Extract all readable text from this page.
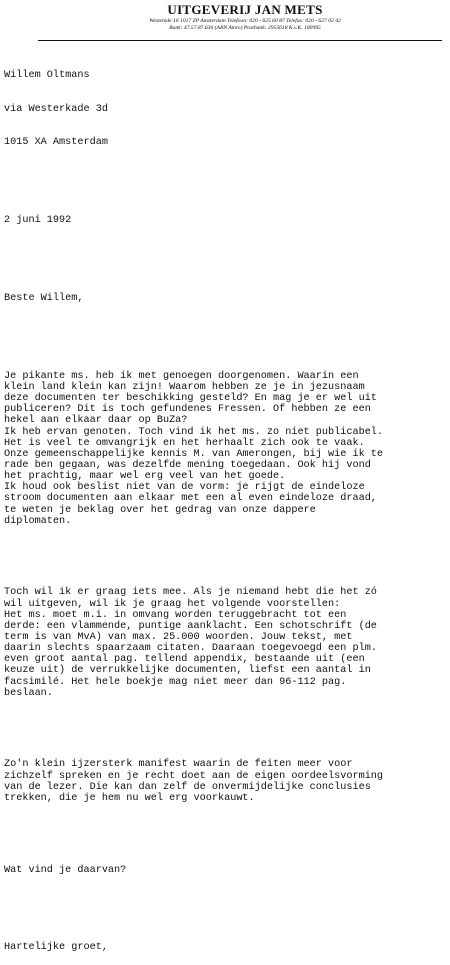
UITGEVERIJ JAN METS
Westeinde 16 1017 ZP Amsterdam Telefoon: 020 - 625 60 87 Telefax: 020 - 627 02 42
Bank: 47.57.87.636 (ABN Amro) Postbank: 2955618 K.v.K. 180995

Willem Oltmans

via Westerkade 3d

1015 XA Amsterdam

2 juni 1992

Beste Willem,

Je pikante ms. heb ik met genoegen doorgenomen. Waarin een
klein land klein kan zijn! Waarom hebben ze je in jezusnaam
deze documenten ter beschikking gesteld? En mag je er wel uit
publiceren? Dit is toch gefundenes Fressen. Of hebben ze een
hekel aan elkaar daar op BuZa?
Ik heb ervan genoten. Toch vind ik het ms. zo niet publicabel.
Het is veel te omvangrijk en het herhaalt zich ook te vaak.
Onze gemeenschappelijke kennis M. van Amerongen, bij wie ik te
rade ben gegaan, was dezelfde mening toegedaan. Ook hij vond
het prachtig, maar wel erg veel van het goede.
Ik houd ook beslist niet van de vorm: je rijgt de eindeloze
stroom documenten aan elkaar met een al even eindeloze draad,
te weten je beklag over het gedrag van onze dappere
diplomaten.

Toch wil ik er graag iets mee. Als je niemand hebt die het zó
wil uitgeven, wil ik je graag het volgende voorstellen:
Het ms. moet m.i. in omvang worden teruggebracht tot een
derde: een vlammende, puntige aanklacht. Een schotschrift (de
term is van MvA) van max. 25.000 woorden. Jouw tekst, met
daarin slechts spaarzaam citaten. Daaraan toegevoegd een plm.
even groot aantal pag. tellend appendix, bestaande uit (een
keuze uit) de verrukkelijke documenten, liefst een aantal in
facsimilé. Het hele boekje mag niet meer dan 96-112 pag.
beslaan.

Zo'n klein ijzersterk manifest waarin de feiten meer voor
zichzelf spreken en je recht doet aan de eigen oordeelsvorming
van de lezer. Die kan dan zelf de onvermijdelijke conclusies
trekken, die je hem nu wel erg voorkauwt.

Wat vind je daarvan?

Hartelijke groet,
